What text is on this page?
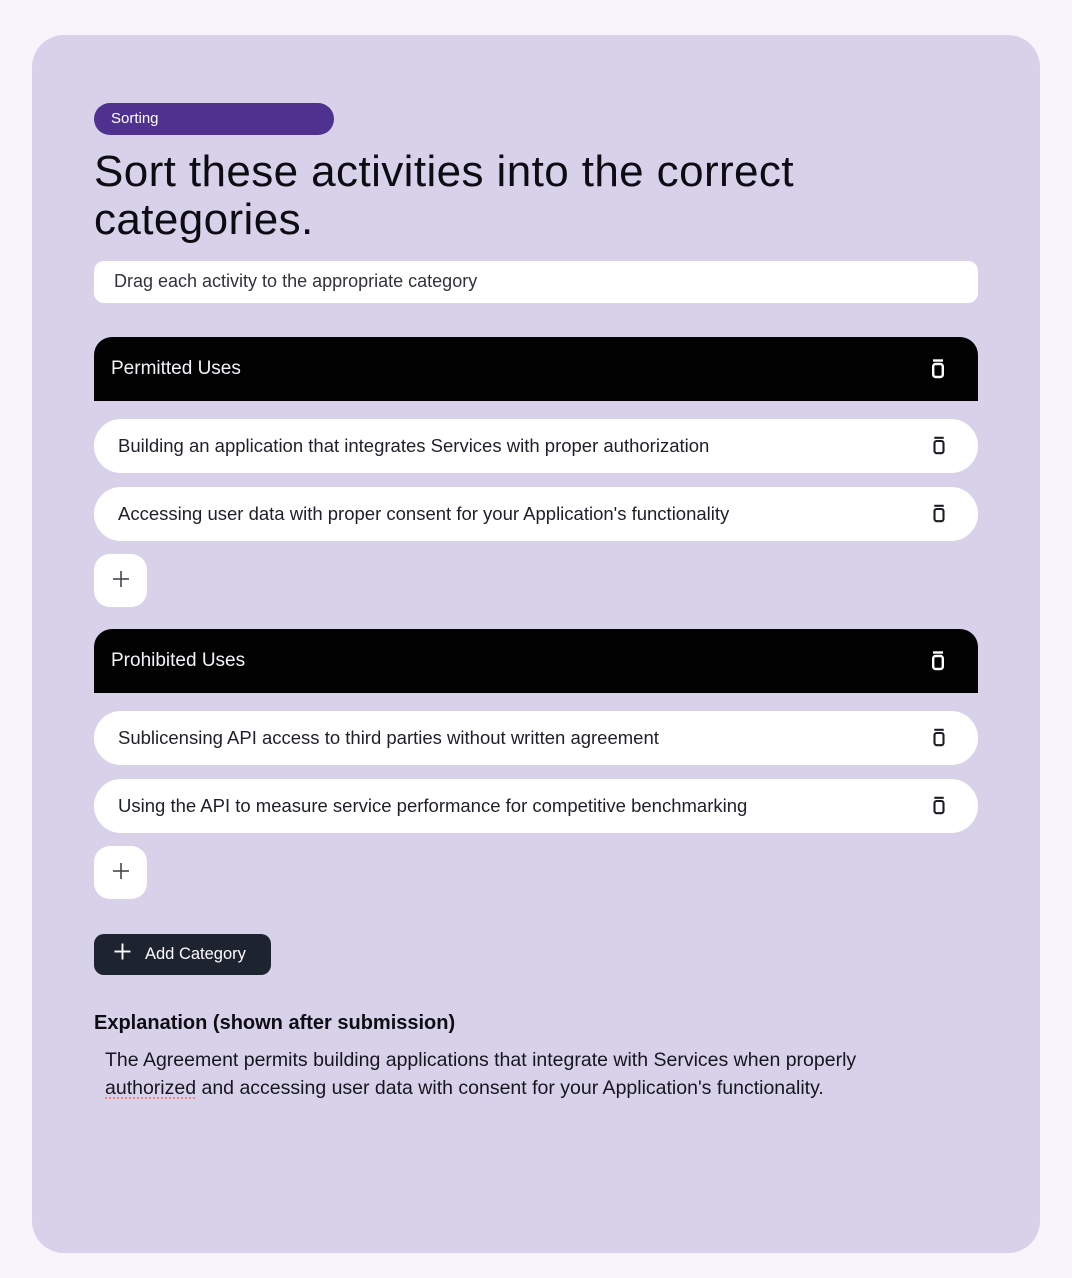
Sorting
Sort these activities into the correct categories.
Drag each activity to the appropriate category
Permitted Uses
Building an application that integrates Services with proper authorization
Accessing user data with proper consent for your Application's functionality
Prohibited Uses
Sublicensing API access to third parties without written agreement
Using the API to measure service performance for competitive benchmarking
Add Category
Explanation (shown after submission)

The Agreement permits building applications that integrate with Services when properly authorized and accessing user data with consent for your Application's functionality.
